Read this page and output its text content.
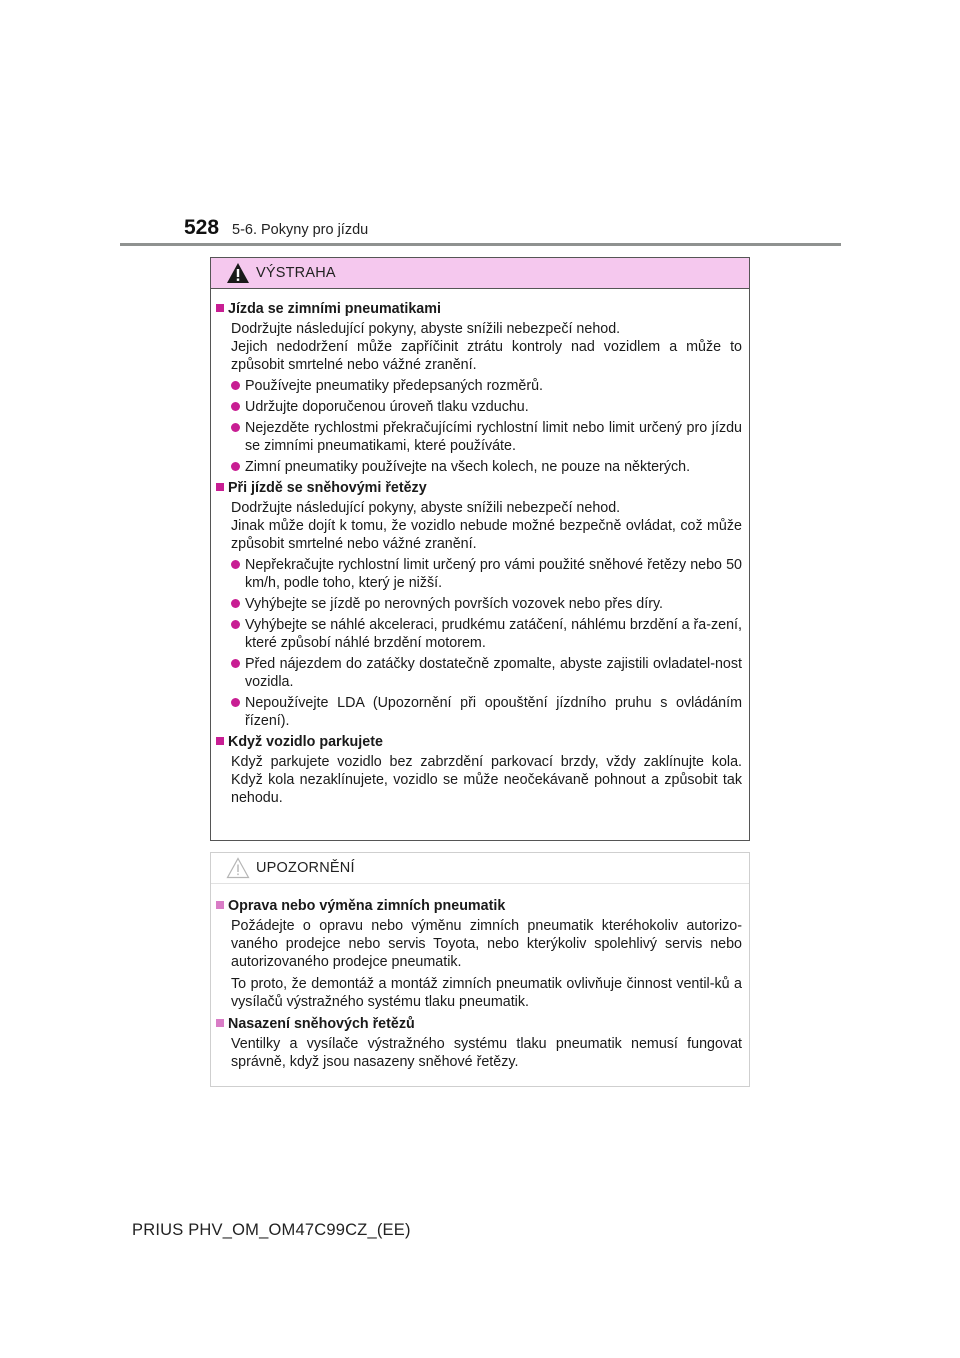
528 5-6. Pokyny pro jízdu
VÝSTRAHA
Jízda se zimními pneumatikami
Dodržujte následující pokyny, abyste snížili nebezpečí nehod.
Jejich nedodržení může zapříčinit ztrátu kontroly nad vozidlem a může to způsobit smrtelné nebo vážné zranění.
Používejte pneumatiky předepsaných rozměrů.
Udržujte doporučenou úroveň tlaku vzduchu.
Nejezděte rychlostmi překračujícími rychlostní limit nebo limit určený pro jízdu se zimními pneumatikami, které používáte.
Zimní pneumatiky používejte na všech kolech, ne pouze na některých.
Při jízdě se sněhovými řetězy
Dodržujte následující pokyny, abyste snížili nebezpečí nehod.
Jinak může dojít k tomu, že vozidlo nebude možné bezpečně ovládat, což může způsobit smrtelné nebo vážné zranění.
Nepřekračujte rychlostní limit určený pro vámi použité sněhové řetězy nebo 50 km/h, podle toho, který je nižší.
Vyhýbejte se jízdě po nerovných površích vozovek nebo přes díry.
Vyhýbejte se náhlé akceleraci, prudkému zatáčení, náhlému brzdění a řa-zení, které způsobí náhlé brzdění motorem.
Před nájezdem do zatáčky dostatečně zpomalte, abyste zajistili ovladatel-nost vozidla.
Nepoužívejte LDA (Upozornění při opouštění jízdního pruhu s ovládáním řízení).
Když vozidlo parkujete
Když parkujete vozidlo bez zabrzdění parkovací brzdy, vždy zaklínujte kola. Když kola nezaklínujete, vozidlo se může neočekávaně pohnout a způsobit tak nehodu.
UPOZORNĚNÍ
Oprava nebo výměna zimních pneumatik
Požádejte o opravu nebo výměnu zimních pneumatik kteréhokoliv autorizo-vaného prodejce nebo servis Toyota, nebo kterýkoliv spolehlivý servis nebo autorizovaného prodejce pneumatik.
To proto, že demontáž a montáž zimních pneumatik ovlivňuje činnost ventil-ků a vysílačů výstražného systému tlaku pneumatik.
Nasazení sněhových řetězů
Ventilky a vysílače výstražného systému tlaku pneumatik nemusí fungovat správně, když jsou nasazeny sněhové řetězy.
PRIUS PHV_OM_OM47C99CZ_(EE)
